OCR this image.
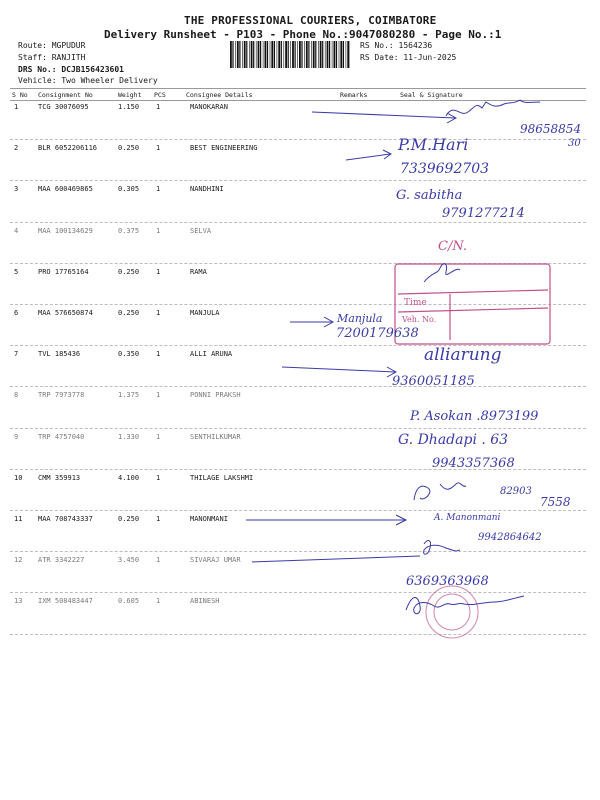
THE PROFESSIONAL COURIERS, COIMBATORE
Delivery Runsheet - P103 - Phone No.:9047080280 - Page No.:1
Route: MGPUDUR
Staff: RANJITH
DRS No.: DCJB156423601
Vehicle: Two Wheeler Delivery
RS No.: 1564236
RS Date: 11-Jun-2025
S No Consignment No	Weight PCS	Consignee Details	Remarks	Seal & Signature
1	TCG 30076095	1.150 1	MANOKARAN
2	BLR 6052206116	0.250 1	BEST ENGINEERING
3	MAA 600469865	0.305 1	NANDHINI
4	MAA 100134629	0.375 1	SELVA
5	PRO 17765164	0.250 1	RAMA
6	MAA 576650874	0.250 1	MANJULA
7	TVL 185436	0.350 1	ALLI ARUNA
8	TRP 7973778	1.375 1	PONNI PRAKSH
9	TRP 4757040	1.330 1	SENTHILKUMAR
10 CMM 359913	4.100 1	THILAGE LAKSHMI
11 MAA 708743337	0.250 1	MANONMANI
12 ATR 3342227	3.450 1	SIVARAJ UMAR
13 IXM 508483447	0.605 1	ABINESH
Time
Veh. No.
98658854
30
P.M.Hari
7339692703
G. sabitha
9791277214
C/N.
Manjula
7200179638
alliarung
9360051185
P. Asokan .8973199
G. Dhadapi . 63
9943357368
82903
7558
A. Manonmani
9942864642
6369363968
